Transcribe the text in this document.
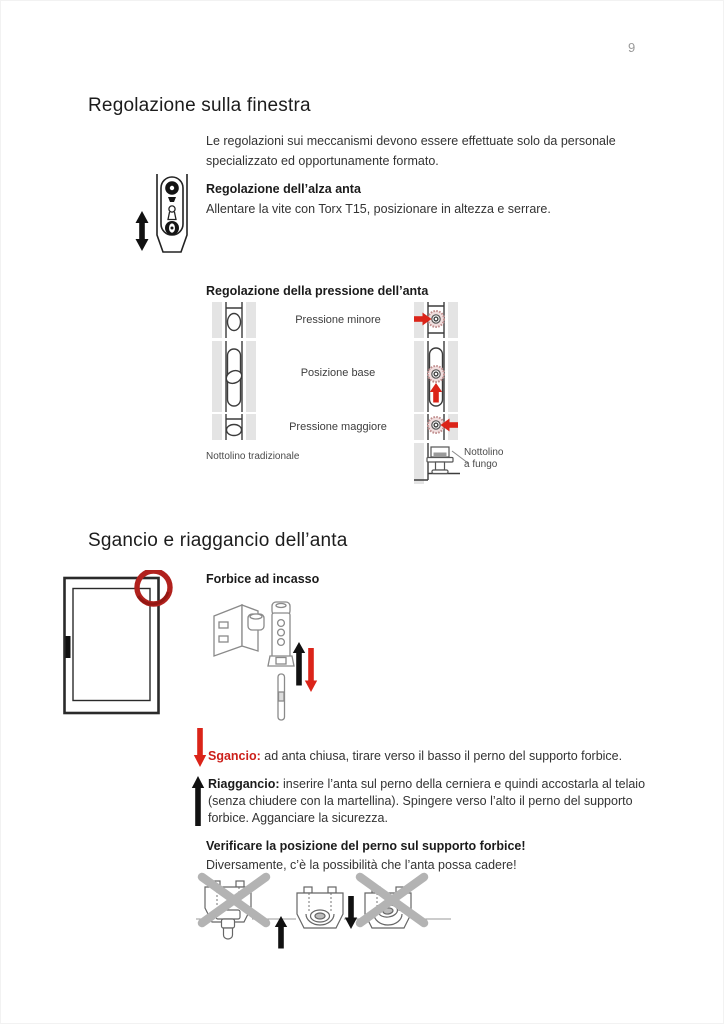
9
Regolazione sulla finestra
Le regolazioni sui meccanismi devono essere effettuate solo da personale
specializzato ed opportunamente formato.
Regolazione dell’alza anta
Allentare la vite con Torx T15, posizionare in altezza e serrare.
Regolazione della pressione dell’anta
Pressione minore
Posizione base
Pressione maggiore
Nottolino tradizionale	Nottolino
a fungo
Sgancio e riaggancio dell’anta
Forbice ad incasso
Sgancio: ad anta chiusa, tirare verso il basso il perno del supporto forbice.
Riaggancio: inserire l’anta sul perno della cerniera e quindi accostarla al telaio
(senza chiudere con la martellina). Spingere verso l’alto il perno del supporto
forbice. Agganciare la sicurezza.
Verificare la posizione del perno sul supporto forbice!
Diversamente, c’è la possibilità che l’anta possa cadere!
